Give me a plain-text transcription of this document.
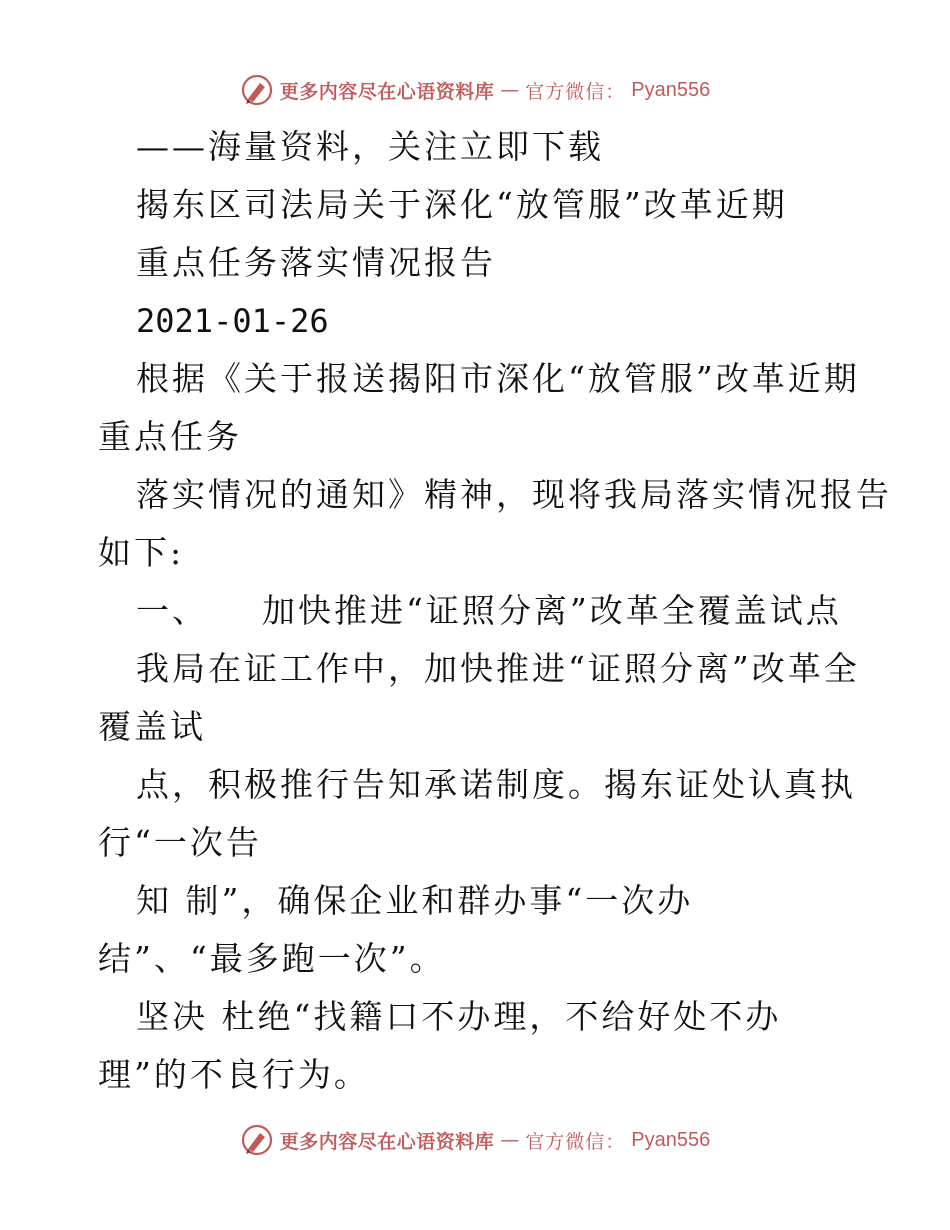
更多内容尽在心语资料库 — 官方微信： Pyan556
——海量资料，关注立即下载
揭东区司法局关于深化“放管服”改革近期
重点任务落实情况报告
2021-01-26
根据《关于报送揭阳市深化“放管服”改革近期
重点任务
落实情况的通知》精神，现将我局落实情况报告
如下:
一、    加快推进“证照分离”改革全覆盖试点
我局在证工作中，加快推进“证照分离”改革全
覆盖试
点，积极推行告知承诺制度。揭东证处认真执
行“一次告
知 制”，确保企业和群办事“一次办
结”、“最多跑一次”。
坚决 杜绝“找籍口不办理，不给好处不办
理”的不良行为。
更多内容尽在心语资料库 — 官方微信： Pyan556
